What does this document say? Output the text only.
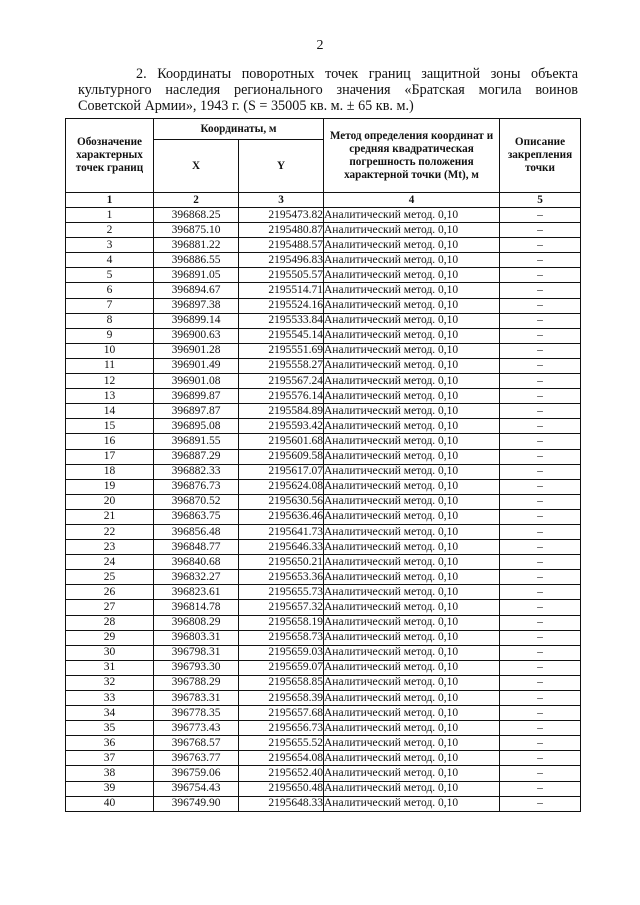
2
2. Координаты поворотных точек границ защитной зоны объекта
культурного наследия регионального значения «Братская могила воинов
Советской Армии», 1943 г. (S = 35005 кв. м. ± 65 кв. м.)
Обозначение характерных точек границ	Координаты, м		Метод определения координат и средняя квадратическая погрешность положения характерной точки (Mt), м	Описание закрепления точки
	X	Y		
1	2	3	4	5
1	396868.25	2195473.82	Аналитический метод. 0,10	–
2	396875.10	2195480.87	Аналитический метод. 0,10	–
3	396881.22	2195488.57	Аналитический метод. 0,10	–
4	396886.55	2195496.83	Аналитический метод. 0,10	–
5	396891.05	2195505.57	Аналитический метод. 0,10	–
6	396894.67	2195514.71	Аналитический метод. 0,10	–
7	396897.38	2195524.16	Аналитический метод. 0,10	–
8	396899.14	2195533.84	Аналитический метод. 0,10	–
9	396900.63	2195545.14	Аналитический метод. 0,10	–
10	396901.28	2195551.69	Аналитический метод. 0,10	–
11	396901.49	2195558.27	Аналитический метод. 0,10	–
12	396901.08	2195567.24	Аналитический метод. 0,10	–
13	396899.87	2195576.14	Аналитический метод. 0,10	–
14	396897.87	2195584.89	Аналитический метод. 0,10	–
15	396895.08	2195593.42	Аналитический метод. 0,10	–
16	396891.55	2195601.68	Аналитический метод. 0,10	–
17	396887.29	2195609.58	Аналитический метод. 0,10	–
18	396882.33	2195617.07	Аналитический метод. 0,10	–
19	396876.73	2195624.08	Аналитический метод. 0,10	–
20	396870.52	2195630.56	Аналитический метод. 0,10	–
21	396863.75	2195636.46	Аналитический метод. 0,10	–
22	396856.48	2195641.73	Аналитический метод. 0,10	–
23	396848.77	2195646.33	Аналитический метод. 0,10	–
24	396840.68	2195650.21	Аналитический метод. 0,10	–
25	396832.27	2195653.36	Аналитический метод. 0,10	–
26	396823.61	2195655.73	Аналитический метод. 0,10	–
27	396814.78	2195657.32	Аналитический метод. 0,10	–
28	396808.29	2195658.19	Аналитический метод. 0,10	–
29	396803.31	2195658.73	Аналитический метод. 0,10	–
30	396798.31	2195659.03	Аналитический метод. 0,10	–
31	396793.30	2195659.07	Аналитический метод. 0,10	–
32	396788.29	2195658.85	Аналитический метод. 0,10	–
33	396783.31	2195658.39	Аналитический метод. 0,10	–
34	396778.35	2195657.68	Аналитический метод. 0,10	–
35	396773.43	2195656.73	Аналитический метод. 0,10	–
36	396768.57	2195655.52	Аналитический метод. 0,10	–
37	396763.77	2195654.08	Аналитический метод. 0,10	–
38	396759.06	2195652.40	Аналитический метод. 0,10	–
39	396754.43	2195650.48	Аналитический метод. 0,10	–
40	396749.90	2195648.33	Аналитический метод. 0,10	–
